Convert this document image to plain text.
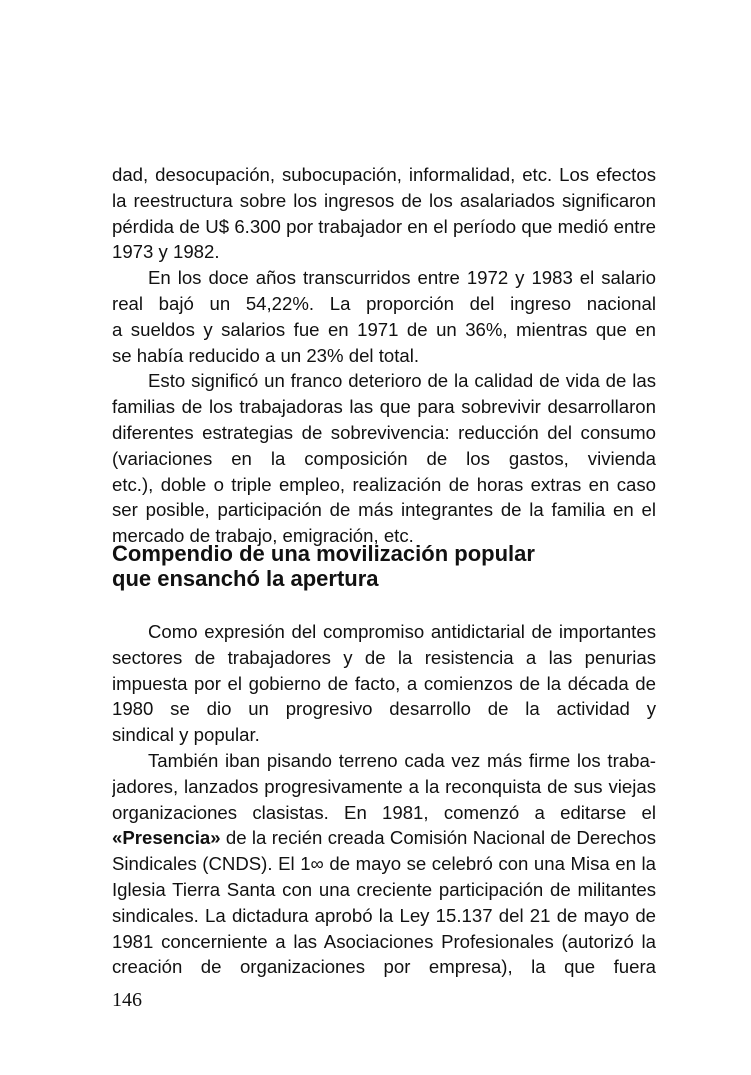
dad, desocupación, subocupación, informalidad, etc. Los efectos
la reestructura sobre los ingresos de los asalariados significaron
pérdida de U$ 6.300 por trabajador en el período que medió entre
1973 y 1982.
En los doce años transcurridos entre 1972 y 1983 el salario
real bajó un 54,22%. La proporción del ingreso nacional
a sueldos y salarios fue en 1971 de un 36%, mientras que en
se había reducido a un 23% del total.
Esto significó un franco deterioro de la calidad de vida de las
familias de los trabajadoras las que para sobrevivir desarrollaron
diferentes estrategias de sobrevivencia: reducción del consumo
(variaciones en la composición de los gastos, vivienda
etc.), doble o triple empleo, realización de horas extras en caso
ser posible, participación de más integrantes de la familia en el
mercado de trabajo, emigración, etc.
Compendio de una movilización popular
que ensanchó la apertura
Como expresión del compromiso antidictarial de importantes
sectores de trabajadores y de la resistencia a las penurias
impuesta por el gobierno de facto, a comienzos de la década de
1980 se dio un progresivo desarrollo de la actividad y
sindical y popular.
También iban pisando terreno cada vez más firme los traba-
jadores, lanzados progresivamente a la reconquista de sus viejas
organizaciones clasistas. En 1981, comenzó a editarse el
«Presencia» de la recién creada Comisión Nacional de Derechos
Sindicales (CNDS). El 1∞ de mayo se celebró con una Misa en la
Iglesia Tierra Santa con una creciente participación de militantes
sindicales. La dictadura aprobó la Ley 15.137 del 21 de mayo de
1981 concerniente a las Asociaciones Profesionales (autorizó la
creación de organizaciones por empresa), la que fuera
146
